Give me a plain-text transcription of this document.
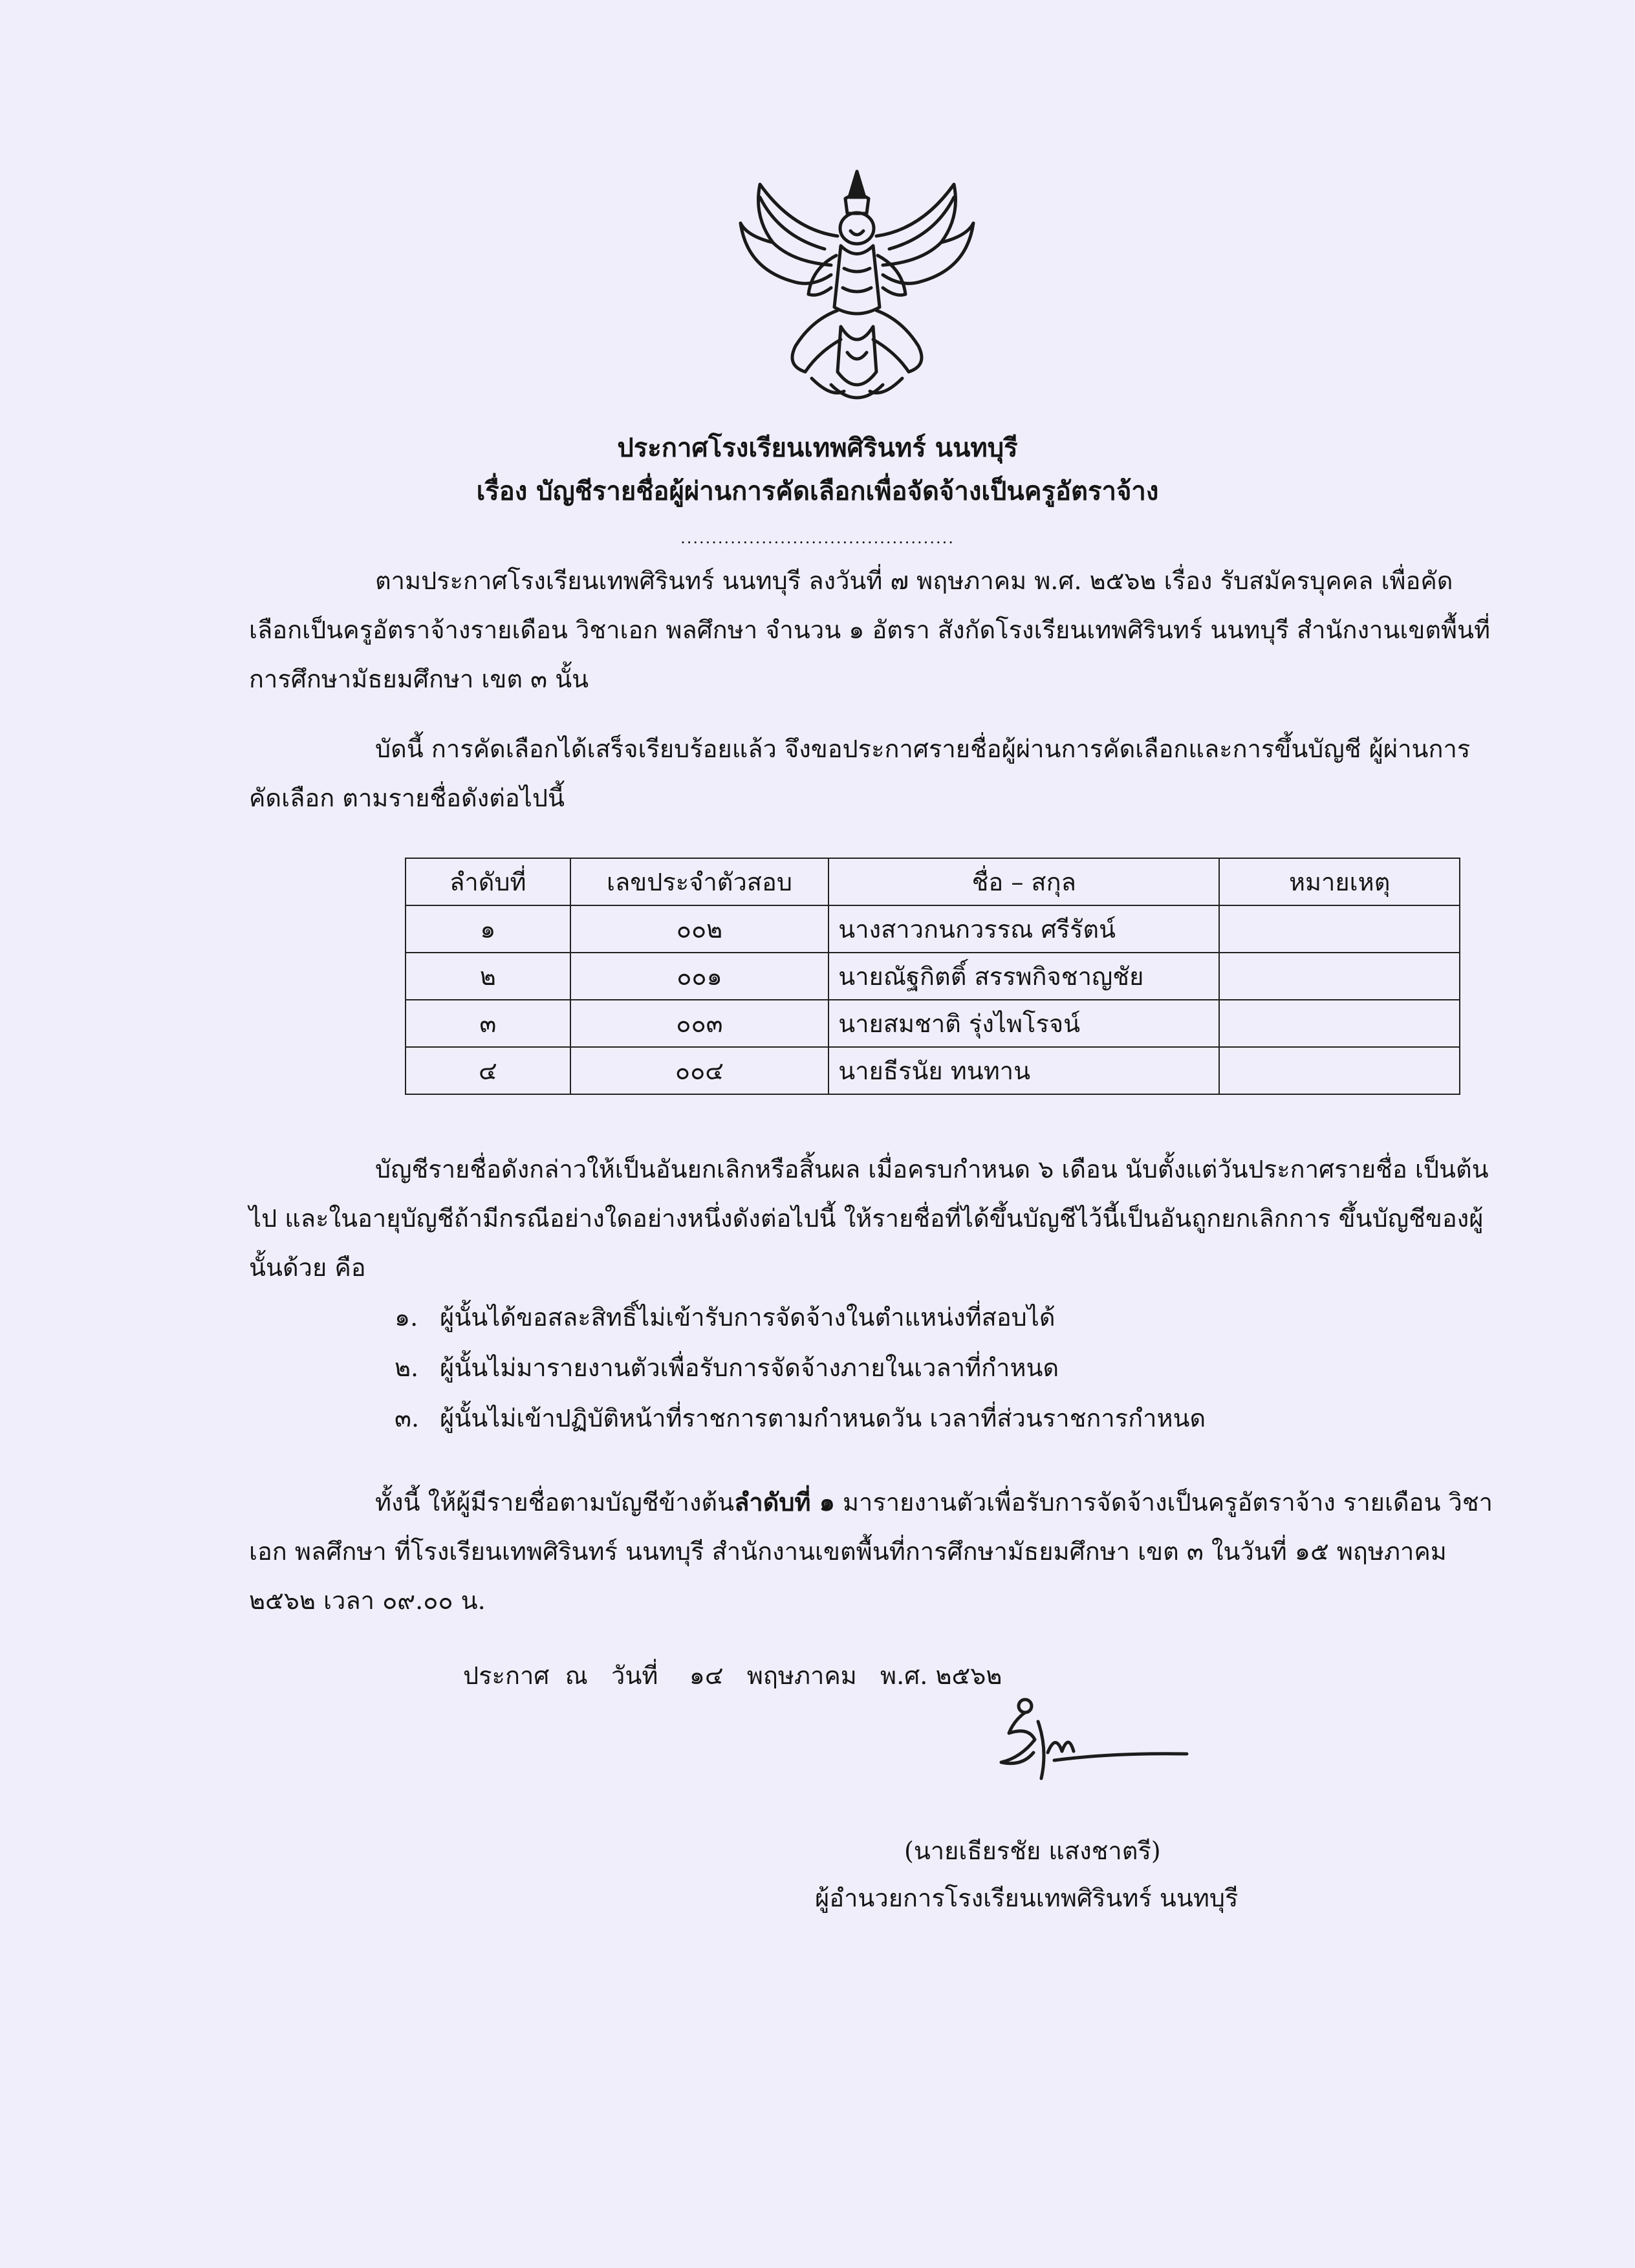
ประกาศโรงเรียนเทพศิรินทร์ นนทบุรี
เรื่อง บัญชีรายชื่อผู้ผ่านการคัดเลือกเพื่อจัดจ้างเป็นครูอัตราจ้าง
............................................

ตามประกาศโรงเรียนเทพศิรินทร์ นนทบุรี ลงวันที่ ๗ พฤษภาคม พ.ศ. ๒๕๖๒ เรื่อง รับสมัครบุคคล เพื่อคัดเลือกเป็นครูอัตราจ้างรายเดือน วิชาเอก พลศึกษา จำนวน ๑ อัตรา สังกัดโรงเรียนเทพศิรินทร์ นนทบุรี สำนักงานเขตพื้นที่การศึกษามัธยมศึกษา เขต ๓ นั้น

บัดนี้ การคัดเลือกได้เสร็จเรียบร้อยแล้ว จึงขอประกาศรายชื่อผู้ผ่านการคัดเลือกและการขึ้นบัญชี ผู้ผ่านการคัดเลือก ตามรายชื่อดังต่อไปนี้

ลำดับที่	เลขประจำตัวสอบ	ชื่อ – สกุล	หมายเหตุ
๑	๐๐๒	นางสาวกนกวรรณ ศรีรัตน์	
๒	๐๐๑	นายณัฐกิตติ์ สรรพกิจชาญชัย	
๓	๐๐๓	นายสมชาติ รุ่งไพโรจน์	
๔	๐๐๔	นายธีรนัย ทนทาน	

บัญชีรายชื่อดังกล่าวให้เป็นอันยกเลิกหรือสิ้นผล เมื่อครบกำหนด ๖ เดือน นับตั้งแต่วันประกาศรายชื่อ เป็นต้นไป และในอายุบัญชีถ้ามีกรณีอย่างใดอย่างหนึ่งดังต่อไปนี้ ให้รายชื่อที่ได้ขึ้นบัญชีไว้นี้เป็นอันถูกยกเลิกการ ขึ้นบัญชีของผู้นั้นด้วย คือ

๑. ผู้นั้นได้ขอสละสิทธิ์ไม่เข้ารับการจัดจ้างในตำแหน่งที่สอบได้
๒. ผู้นั้นไม่มารายงานตัวเพื่อรับการจัดจ้างภายในเวลาที่กำหนด
๓. ผู้นั้นไม่เข้าปฏิบัติหน้าที่ราชการตามกำหนดวัน เวลาที่ส่วนราชการกำหนด

ทั้งนี้ ให้ผู้มีรายชื่อตามบัญชีข้างต้นลำดับที่ ๑ มารายงานตัวเพื่อรับการจัดจ้างเป็นครูอัตราจ้าง รายเดือน วิชาเอก พลศึกษา ที่โรงเรียนเทพศิรินทร์ นนทบุรี สำนักงานเขตพื้นที่การศึกษามัธยมศึกษา เขต ๓ ในวันที่ ๑๕ พฤษภาคม ๒๕๖๒ เวลา ๐๙.๐๐ น.

ประกาศ  ณ   วันที่    ๑๔   พฤษภาคม   พ.ศ. ๒๕๖๒
(นายเธียรชัย แสงชาตรี)
ผู้อำนวยการโรงเรียนเทพศิรินทร์ นนทบุรี
